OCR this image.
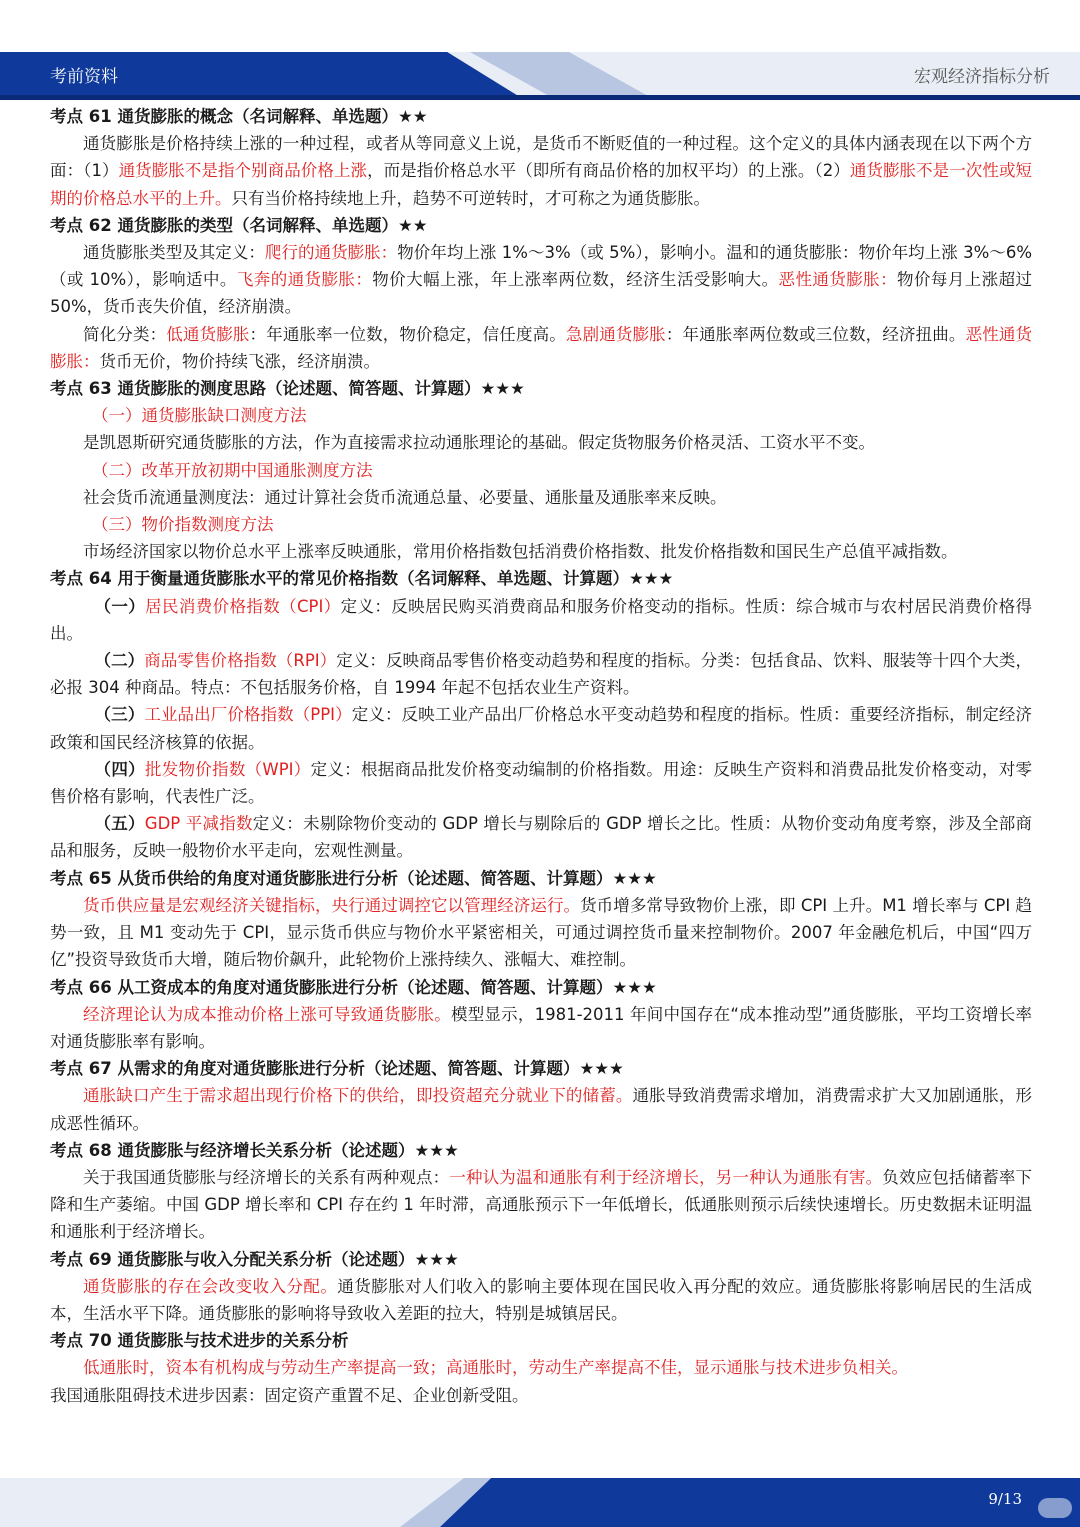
考前资料	宏观经济指标分析

考点 61 通货膨胀的概念（名词解释、单选题）★★

通货膨胀是价格持续上涨的一种过程，或者从等同意义上说，是货币不断贬值的一种过程。这个定义的具体内涵表现在以下两个方面：（1）通货膨胀不是指个别商品价格上涨，而是指价格总水平（即所有商品价格的加权平均）的上涨。（2）通货膨胀不是一次性或短期的价格总水平的上升。只有当价格持续地上升，趋势不可逆转时，才可称之为通货膨胀。

考点 62 通货膨胀的类型（名词解释、单选题）★★

通货膨胀类型及其定义：爬行的通货膨胀：物价年均上涨 1%～3%（或 5%），影响小。温和的通货膨胀：物价年均上涨 3%～6%（或 10%），影响适中。飞奔的通货膨胀：物价大幅上涨，年上涨率两位数，经济生活受影响大。恶性通货膨胀：物价每月上涨超过 50%，货币丧失价值，经济崩溃。

简化分类：低通货膨胀：年通胀率一位数，物价稳定，信任度高。急剧通货膨胀：年通胀率两位数或三位数，经济扭曲。恶性通货膨胀：货币无价，物价持续飞涨，经济崩溃。

考点 63 通货膨胀的测度思路（论述题、简答题、计算题）★★★

（一）通货膨胀缺口测度方法

是凯恩斯研究通货膨胀的方法，作为直接需求拉动通胀理论的基础。假定货物服务价格灵活、工资水平不变。

（二）改革开放初期中国通胀测度方法

社会货币流通量测度法：通过计算社会货币流通总量、必要量、通胀量及通胀率来反映。

（三）物价指数测度方法

市场经济国家以物价总水平上涨率反映通胀，常用价格指数包括消费价格指数、批发价格指数和国民生产总值平减指数。

考点 64 用于衡量通货膨胀水平的常见价格指数（名词解释、单选题、计算题）★★★

（一）居民消费价格指数（CPI）定义：反映居民购买消费商品和服务价格变动的指标。性质：综合城市与农村居民消费价格得出。

（二）商品零售价格指数（RPI）定义：反映商品零售价格变动趋势和程度的指标。分类：包括食品、饮料、服装等十四个大类，必报 304 种商品。特点：不包括服务价格，自 1994 年起不包括农业生产资料。

（三）工业品出厂价格指数（PPI）定义：反映工业产品出厂价格总水平变动趋势和程度的指标。性质：重要经济指标，制定经济政策和国民经济核算的依据。

（四）批发物价指数（WPI）定义：根据商品批发价格变动编制的价格指数。用途：反映生产资料和消费品批发价格变动，对零售价格有影响，代表性广泛。

（五）GDP 平减指数定义：未剔除物价变动的 GDP 增长与剔除后的 GDP 增长之比。性质：从物价变动角度考察，涉及全部商品和服务，反映一般物价水平走向，宏观性测量。

考点 65 从货币供给的角度对通货膨胀进行分析（论述题、简答题、计算题）★★★

货币供应量是宏观经济关键指标，央行通过调控它以管理经济运行。货币增多常导致物价上涨，即 CPI 上升。M1 增长率与 CPI 趋势一致，且 M1 变动先于 CPI，显示货币供应与物价水平紧密相关，可通过调控货币量来控制物价。2007 年金融危机后，中国“四万亿”投资导致货币大增，随后物价飙升，此轮物价上涨持续久、涨幅大、难控制。

考点 66 从工资成本的角度对通货膨胀进行分析（论述题、简答题、计算题）★★★

经济理论认为成本推动价格上涨可导致通货膨胀。模型显示，1981-2011 年间中国存在“成本推动型”通货膨胀，平均工资增长率对通货膨胀率有影响。

考点 67 从需求的角度对通货膨胀进行分析（论述题、简答题、计算题）★★★

通胀缺口产生于需求超出现行价格下的供给，即投资超充分就业下的储蓄。通胀导致消费需求增加，消费需求扩大又加剧通胀，形成恶性循环。

考点 68 通货膨胀与经济增长关系分析（论述题）★★★

关于我国通货膨胀与经济增长的关系有两种观点：一种认为温和通胀有利于经济增长，另一种认为通胀有害。负效应包括储蓄率下降和生产萎缩。中国 GDP 增长率和 CPI 存在约 1 年时滞，高通胀预示下一年低增长，低通胀则预示后续快速增长。历史数据未证明温和通胀利于经济增长。

考点 69 通货膨胀与收入分配关系分析（论述题）★★★

通货膨胀的存在会改变收入分配。通货膨胀对人们收入的影响主要体现在国民收入再分配的效应。通货膨胀将影响居民的生活成本，生活水平下降。通货膨胀的影响将导致收入差距的拉大，特别是城镇居民。

考点 70 通货膨胀与技术进步的关系分析

低通胀时，资本有机构成与劳动生产率提高一致；高通胀时，劳动生产率提高不佳，显示通胀与技术进步负相关。

我国通胀阻碍技术进步因素：固定资产重置不足、企业创新受阻。

9/13
